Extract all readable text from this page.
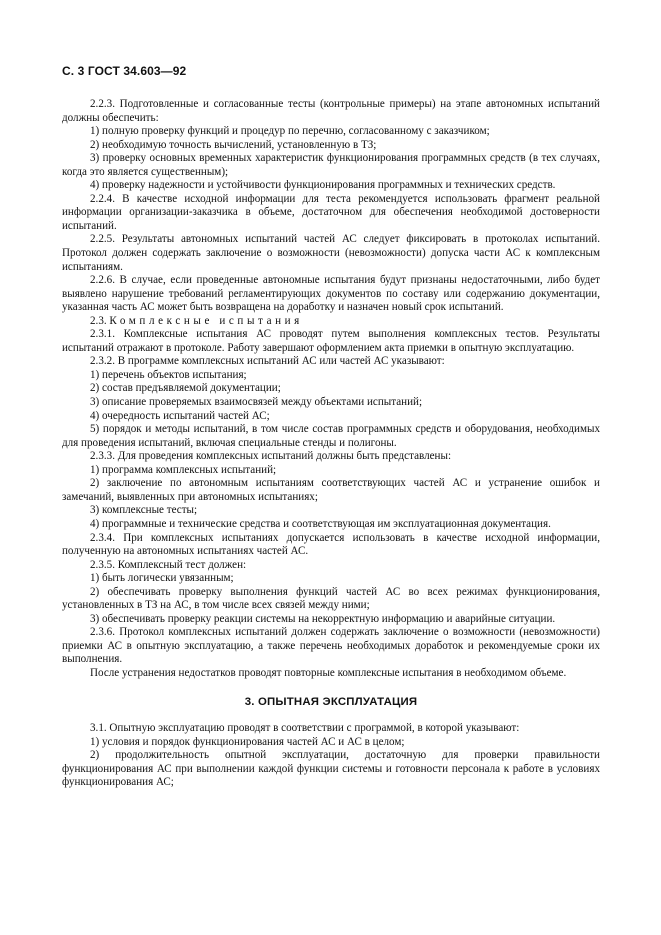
С. 3 ГОСТ 34.603—92

2.2.3. Подготовленные и согласованные тесты (контрольные примеры) на этапе автономных испытаний должны обеспечить:

1) полную проверку функций и процедур по перечню, согласованному с заказчиком;

2) необходимую точность вычислений, установленную в ТЗ;

3) проверку основных временных характеристик функционирования программных средств (в тех случаях, когда это является существенным);

4) проверку надежности и устойчивости функционирования программных и технических средств.

2.2.4. В качестве исходной информации для теста рекомендуется использовать фрагмент реальной информации организации-заказчика в объеме, достаточном для обеспечения необходимой достоверности испытаний.

2.2.5. Результаты автономных испытаний частей АС следует фиксировать в протоколах испытаний. Протокол должен содержать заключение о возможности (невозможности) допуска части АС к комплексным испытаниям.

2.2.6. В случае, если проведенные автономные испытания будут признаны недостаточными, либо будет выявлено нарушение требований регламентирующих документов по составу или содержанию документации, указанная часть АС может быть возвращена на доработку и назначен новый срок испытаний.

2.3. Комплексные испытания

2.3.1. Комплексные испытания АС проводят путем выполнения комплексных тестов. Результаты испытаний отражают в протоколе. Работу завершают оформлением акта приемки в опытную эксплуатацию.

2.3.2. В программе комплексных испытаний АС или частей АС указывают:

1) перечень объектов испытания;

2) состав предъявляемой документации;

3) описание проверяемых взаимосвязей между объектами испытаний;

4) очередность испытаний частей АС;

5) порядок и методы испытаний, в том числе состав программных средств и оборудования, необходимых для проведения испытаний, включая специальные стенды и полигоны.

2.3.3. Для проведения комплексных испытаний должны быть представлены:

1) программа комплексных испытаний;

2) заключение по автономным испытаниям соответствующих частей АС и устранение ошибок и замечаний, выявленных при автономных испытаниях;

3) комплексные тесты;

4) программные и технические средства и соответствующая им эксплуатационная документация.

2.3.4. При комплексных испытаниях допускается использовать в качестве исходной информации, полученную на автономных испытаниях частей АС.

2.3.5. Комплексный тест должен:

1) быть логически увязанным;

2) обеспечивать проверку выполнения функций частей АС во всех режимах функционирования, установленных в ТЗ на АС, в том числе всех связей между ними;

3) обеспечивать проверку реакции системы на некорректную информацию и аварийные ситуации.

2.3.6. Протокол комплексных испытаний должен содержать заключение о возможности (невозможности) приемки АС в опытную эксплуатацию, а также перечень необходимых доработок и рекомендуемые сроки их выполнения.

После устранения недостатков проводят повторные комплексные испытания в необходимом объеме.

3. ОПЫТНАЯ ЭКСПЛУАТАЦИЯ

3.1. Опытную эксплуатацию проводят в соответствии с программой, в которой указывают:

1) условия и порядок функционирования частей АС и АС в целом;

2) продолжительность опытной эксплуатации, достаточную для проверки правильности функционирования АС при выполнении каждой функции системы и готовности персонала к работе в условиях функционирования АС;
